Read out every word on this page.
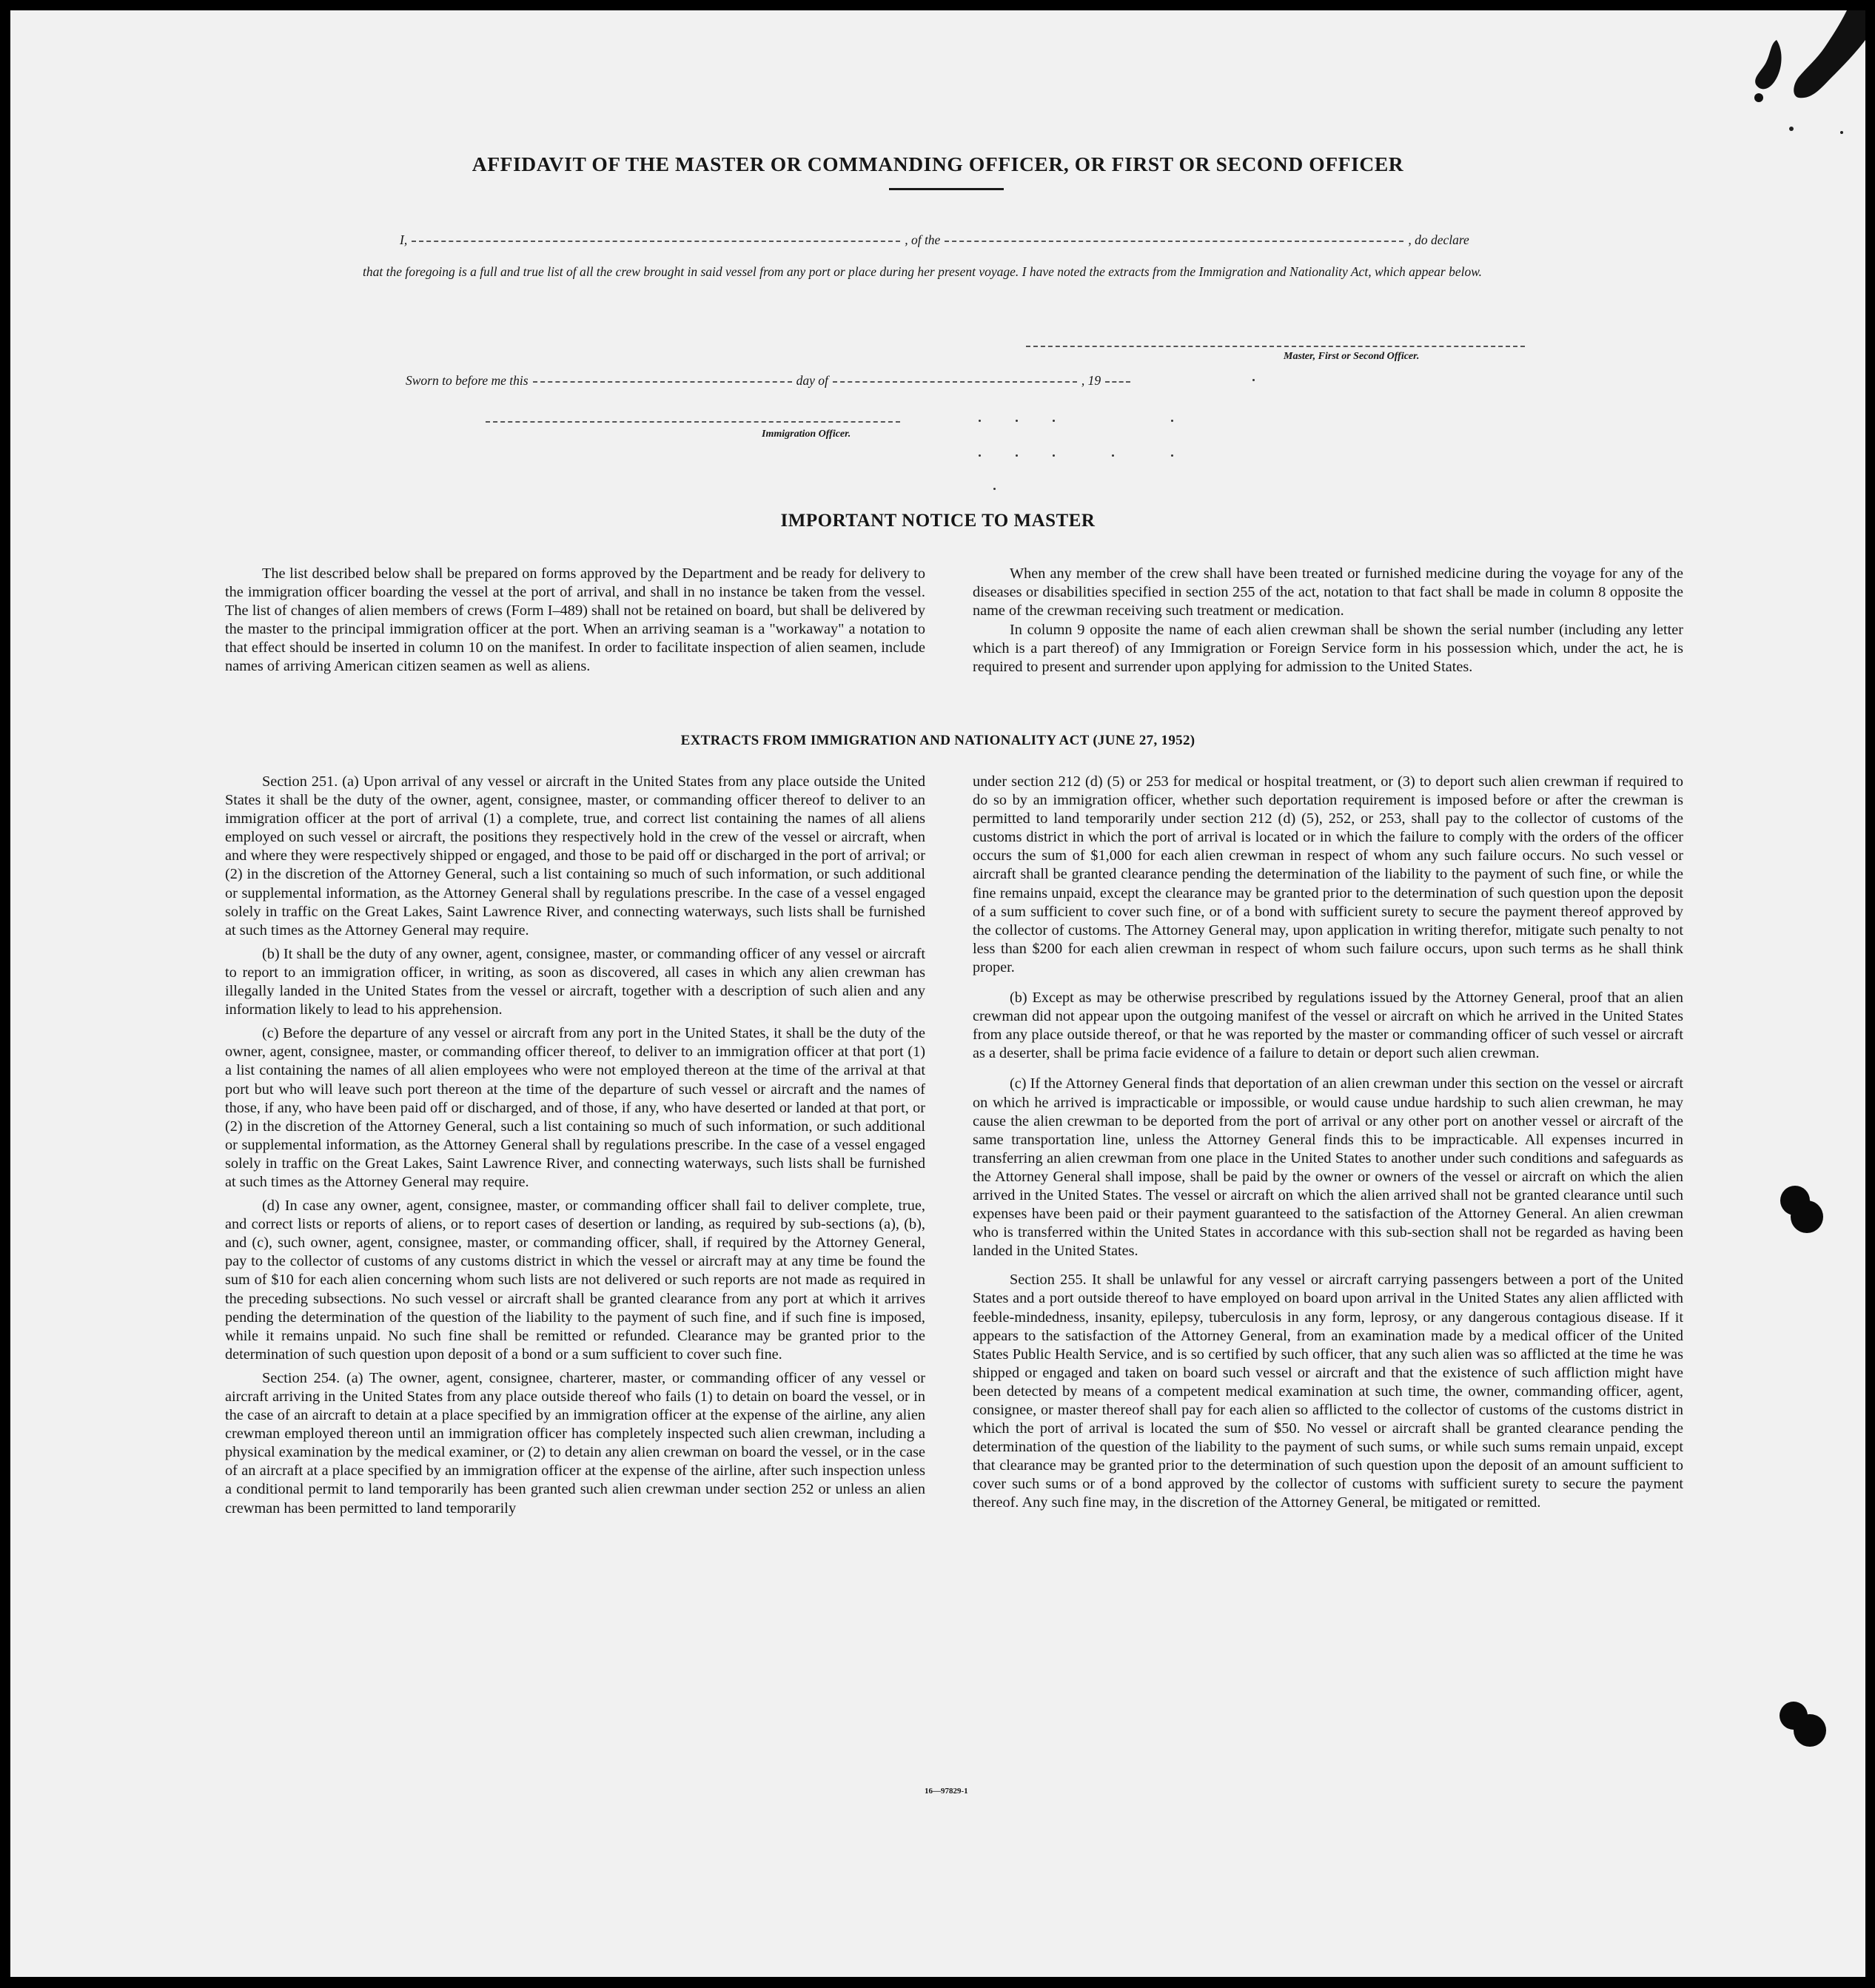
AFFIDAVIT OF THE MASTER OR COMMANDING OFFICER, OR FIRST OR SECOND OFFICER
I,	, of the	, do declare
that the foregoing is a full and true list of all the crew brought in said vessel from any port or place during her present voyage. I have noted the extracts from the Immigration and Nationality Act, which appear below.
Master, First or Second Officer.
Sworn to before me this	day of	, 19
Immigration Officer.
IMPORTANT NOTICE TO MASTER

The list described below shall be prepared on forms approved by the Department and be ready for delivery to the immigration officer boarding the vessel at the port of arrival, and shall in no instance be taken from the vessel. The list of changes of alien members of crews (Form I–489) shall not be retained on board, but shall be delivered by the master to the principal immigration officer at the port. When an arriving seaman is a "workaway" a notation to that effect should be inserted in column 10 on the manifest. In order to facilitate inspection of alien seamen, include names of arriving American citizen seamen as well as aliens.

When any member of the crew shall have been treated or furnished medicine during the voyage for any of the diseases or disabilities specified in section 255 of the act, notation to that fact shall be made in column 8 opposite the name of the crewman receiving such treatment or medication.

In column 9 opposite the name of each alien crewman shall be shown the serial number (including any letter which is a part thereof) of any Immigration or Foreign Service form in his possession which, under the act, he is required to present and surrender upon applying for admission to the United States.

EXTRACTS FROM IMMIGRATION AND NATIONALITY ACT (JUNE 27, 1952)

Section 251. (a) Upon arrival of any vessel or aircraft in the United States from any place outside the United States it shall be the duty of the owner, agent, consignee, master, or commanding officer thereof to deliver to an immigration officer at the port of arrival (1) a complete, true, and correct list containing the names of all aliens employed on such vessel or aircraft, the positions they respectively hold in the crew of the vessel or aircraft, when and where they were respectively shipped or engaged, and those to be paid off or discharged in the port of arrival; or (2) in the discretion of the Attorney General, such a list containing so much of such information, or such additional or supplemental information, as the Attorney General shall by regulations prescribe. In the case of a vessel engaged solely in traffic on the Great Lakes, Saint Lawrence River, and connecting waterways, such lists shall be furnished at such times as the Attorney General may require.

(b) It shall be the duty of any owner, agent, consignee, master, or commanding officer of any vessel or aircraft to report to an immigration officer, in writing, as soon as discovered, all cases in which any alien crewman has illegally landed in the United States from the vessel or aircraft, together with a description of such alien and any information likely to lead to his apprehension.

(c) Before the departure of any vessel or aircraft from any port in the United States, it shall be the duty of the owner, agent, consignee, master, or commanding officer thereof, to deliver to an immigration officer at that port (1) a list containing the names of all alien employees who were not employed thereon at the time of the arrival at that port but who will leave such port thereon at the time of the departure of such vessel or aircraft and the names of those, if any, who have been paid off or discharged, and of those, if any, who have deserted or landed at that port, or (2) in the discretion of the Attorney General, such a list containing so much of such information, or such additional or supplemental information, as the Attorney General shall by regulations prescribe. In the case of a vessel engaged solely in traffic on the Great Lakes, Saint Lawrence River, and connecting waterways, such lists shall be furnished at such times as the Attorney General may require.

(d) In case any owner, agent, consignee, master, or commanding officer shall fail to deliver complete, true, and correct lists or reports of aliens, or to report cases of desertion or landing, as required by sub-sections (a), (b), and (c), such owner, agent, consignee, master, or commanding officer, shall, if required by the Attorney General, pay to the collector of customs of any customs district in which the vessel or aircraft may at any time be found the sum of $10 for each alien concerning whom such lists are not delivered or such reports are not made as required in the preceding subsections. No such vessel or aircraft shall be granted clearance from any port at which it arrives pending the determination of the question of the liability to the payment of such fine, and if such fine is imposed, while it remains unpaid. No such fine shall be remitted or refunded. Clearance may be granted prior to the determination of such question upon deposit of a bond or a sum sufficient to cover such fine.

Section 254. (a) The owner, agent, consignee, charterer, master, or commanding officer of any vessel or aircraft arriving in the United States from any place outside thereof who fails (1) to detain on board the vessel, or in the case of an aircraft to detain at a place specified by an immigration officer at the expense of the airline, any alien crewman employed thereon until an immigration officer has completely inspected such alien crewman, including a physical examination by the medical examiner, or (2) to detain any alien crewman on board the vessel, or in the case of an aircraft at a place specified by an immigration officer at the expense of the airline, after such inspection unless a conditional permit to land temporarily has been granted such alien crewman under section 252 or unless an alien crewman has been permitted to land temporarily

under section 212 (d) (5) or 253 for medical or hospital treatment, or (3) to deport such alien crewman if required to do so by an immigration officer, whether such deportation requirement is imposed before or after the crewman is permitted to land temporarily under section 212 (d) (5), 252, or 253, shall pay to the collector of customs of the customs district in which the port of arrival is located or in which the failure to comply with the orders of the officer occurs the sum of $1,000 for each alien crewman in respect of whom any such failure occurs. No such vessel or aircraft shall be granted clearance pending the determination of the liability to the payment of such fine, or while the fine remains unpaid, except the clearance may be granted prior to the determination of such question upon the deposit of a sum sufficient to cover such fine, or of a bond with sufficient surety to secure the payment thereof approved by the collector of customs. The Attorney General may, upon application in writing therefor, mitigate such penalty to not less than $200 for each alien crewman in respect of whom such failure occurs, upon such terms as he shall think proper.

(b) Except as may be otherwise prescribed by regulations issued by the Attorney General, proof that an alien crewman did not appear upon the outgoing manifest of the vessel or aircraft on which he arrived in the United States from any place outside thereof, or that he was reported by the master or commanding officer of such vessel or aircraft as a deserter, shall be prima facie evidence of a failure to detain or deport such alien crewman.

(c) If the Attorney General finds that deportation of an alien crewman under this section on the vessel or aircraft on which he arrived is impracticable or impossible, or would cause undue hardship to such alien crewman, he may cause the alien crewman to be deported from the port of arrival or any other port on another vessel or aircraft of the same transportation line, unless the Attorney General finds this to be impracticable. All expenses incurred in transferring an alien crewman from one place in the United States to another under such conditions and safeguards as the Attorney General shall impose, shall be paid by the owner or owners of the vessel or aircraft on which the alien arrived in the United States. The vessel or aircraft on which the alien arrived shall not be granted clearance until such expenses have been paid or their payment guaranteed to the satisfaction of the Attorney General. An alien crewman who is transferred within the United States in accordance with this sub-section shall not be regarded as having been landed in the United States.

Section 255. It shall be unlawful for any vessel or aircraft carrying passengers between a port of the United States and a port outside thereof to have employed on board upon arrival in the United States any alien afflicted with feeble-mindedness, insanity, epilepsy, tuberculosis in any form, leprosy, or any dangerous contagious disease. If it appears to the satisfaction of the Attorney General, from an examination made by a medical officer of the United States Public Health Service, and is so certified by such officer, that any such alien was so afflicted at the time he was shipped or engaged and taken on board such vessel or aircraft and that the existence of such affliction might have been detected by means of a competent medical examination at such time, the owner, commanding officer, agent, consignee, or master thereof shall pay for each alien so afflicted to the collector of customs of the customs district in which the port of arrival is located the sum of $50. No vessel or aircraft shall be granted clearance pending the determination of the question of the liability to the payment of such sums, or while such sums remain unpaid, except that clearance may be granted prior to the determination of such question upon the deposit of an amount sufficient to cover such sums or of a bond approved by the collector of customs with sufficient surety to secure the payment thereof. Any such fine may, in the discretion of the Attorney General, be mitigated or remitted.

16—97829-1
